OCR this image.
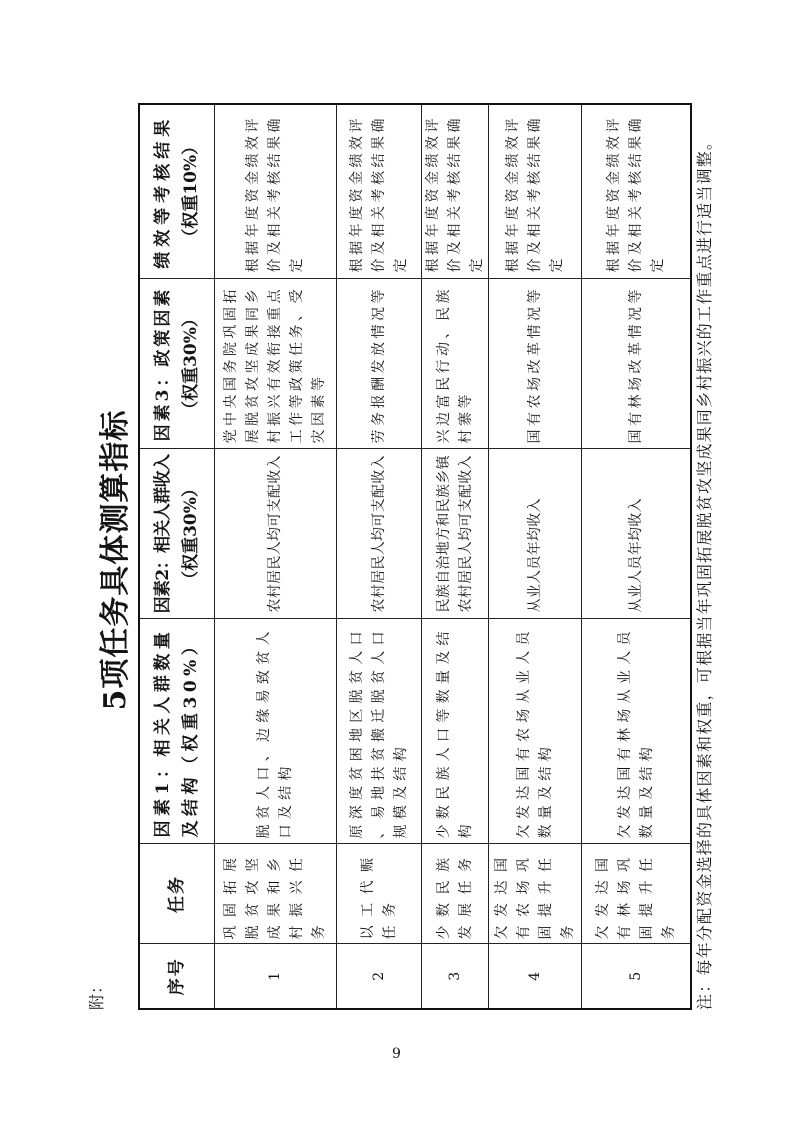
附：
5项任务具体测算指标
序号	任务	因素1：相关人群数量及结构（权重30%）	因素2：相关人群收入 （权重30%）	因素3：政策因素 （权重30%）	绩效等考核结果 （权重10%）

1	巩固拓展脱贫攻坚成果和乡村振兴任务	脱贫人口、边缘易致贫人口及结构	农村居民人均可支配收入	党中央国务院巩固拓展脱贫攻坚成果同乡村振兴有效衔接重点工作等政策任务、受灾因素等	根据年度资金绩效评价及相关考核结果确定
2	以工代赈任务	原深度贫困地区脱贫人口、易地扶贫搬迁脱贫人口规模及结构	农村居民人均可支配收入	劳务报酬发放情况等	根据年度资金绩效评价及相关考核结果确定
3	少数民族发展任务	少数民族人口等数量及结构	民族自治地方和民族乡镇农村居民人均可支配收入	兴边富民行动、民族村寨等	根据年度资金绩效评价及相关考核结果确定
4	欠发达国有农场巩固提升任务	欠发达国有农场从业人员数量及结构	从业人员年均收入	国有农场改革情况等	根据年度资金绩效评价及相关考核结果确定
5	欠发达国有林场巩固提升任务	欠发达国有林场从业人员数量及结构	从业人员年均收入	国有林场改革情况等	根据年度资金绩效评价及相关考核结果确定 注：每年分配资金选择的具体因素和权重，可根据当年巩固拓展脱贫攻坚成果同乡村振兴的工作重点进行适当调整。
9
